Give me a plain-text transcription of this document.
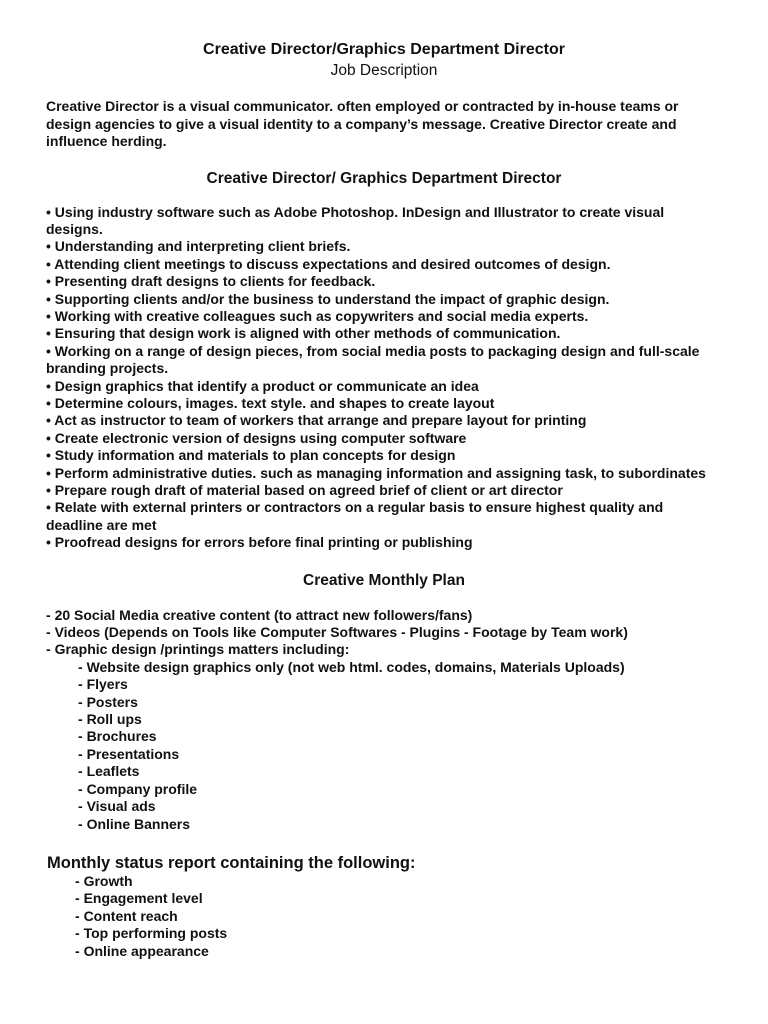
Creative Director/Graphics Department Director

Job Description

Creative Director is a visual communicator. often employed or contracted by in-house teams or design agencies to give a visual identity to a company’s message. Creative Director create and influence herding.

Creative Director/ Graphics Department Director
• Using industry software such as Adobe Photoshop. InDesign and Illustrator to create visual designs.
• Understanding and interpreting client briefs.
• Attending client meetings to discuss expectations and desired outcomes of design.
• Presenting draft designs to clients for feedback.
• Supporting clients and/or the business to understand the impact of graphic design.
• Working with creative colleagues such as copywriters and social media experts.
• Ensuring that design work is aligned with other methods of communication.
• Working on a range of design pieces, from social media posts to packaging design and full-scale branding projects.
• Design graphics that identify a product or communicate an idea
• Determine colours, images. text style. and shapes to create layout
• Act as instructor to team of workers that arrange and prepare layout for printing
• Create electronic version of designs using computer software
• Study information and materials to plan concepts for design
• Perform administrative duties. such as managing information and assigning task, to subordinates
• Prepare rough draft of material based on agreed brief of client or art director
• Relate with external printers or contractors on a regular basis to ensure highest quality and deadline are met
• Proofread designs for errors before final printing or publishing
Creative Monthly Plan
- 20 Social Media creative content (to attract new followers/fans)
- Videos (Depends on Tools like Computer Softwares - Plugins - Footage by Team work)
- Graphic design /printings matters including:
- Website design graphics only (not web html. codes, domains, Materials Uploads)
- Flyers
- Posters
- Roll ups
- Brochures
- Presentations
- Leaflets
- Company profile
- Visual ads
- Online Banners
Monthly status report containing the following:
- Growth
- Engagement level
- Content reach
- Top performing posts
- Online appearance
